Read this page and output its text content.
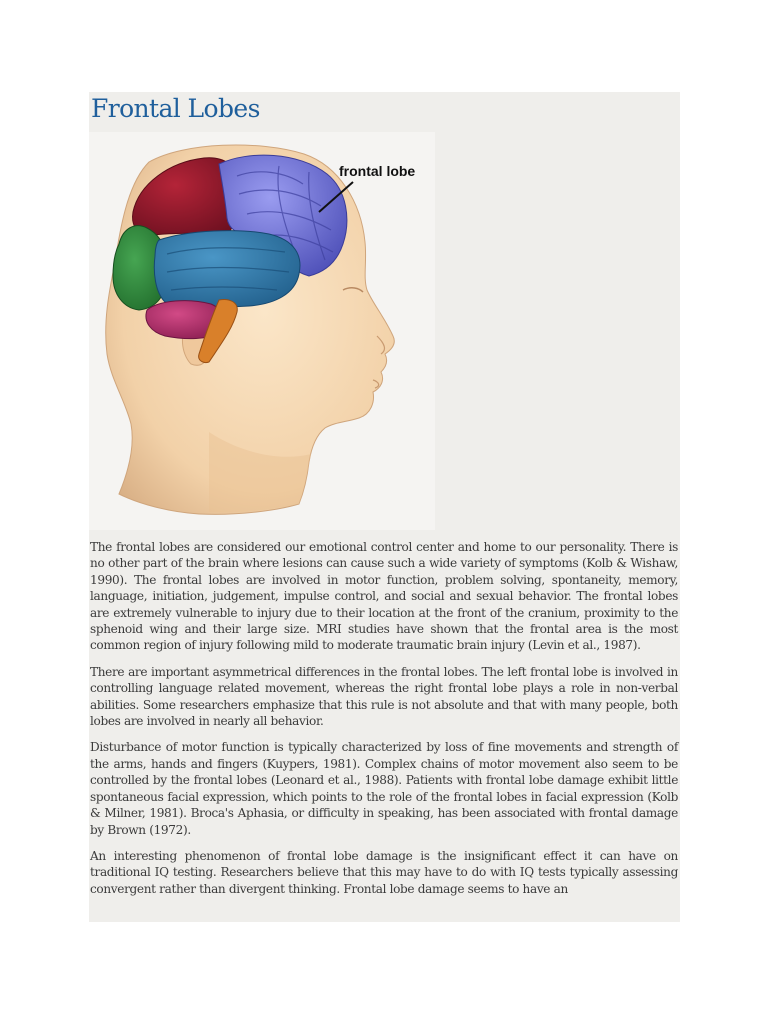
Frontal Lobes
frontal lobe

The frontal lobes are considered our emotional control center and home to our personality. There is no other part of the brain where lesions can cause such a wide variety of symptoms (Kolb & Wishaw, 1990). The frontal lobes are involved in motor function, problem solving, spontaneity, memory, language, initiation, judgement, impulse control, and social and sexual behavior. The frontal lobes are extremely vulnerable to injury due to their location at the front of the cranium, proximity to the sphenoid wing and their large size. MRI studies have shown that the frontal area is the most common region of injury following mild to moderate traumatic brain injury (Levin et al., 1987).

There are important asymmetrical differences in the frontal lobes. The left frontal lobe is involved in controlling language related movement, whereas the right frontal lobe plays a role in non-verbal abilities. Some researchers emphasize that this rule is not absolute and that with many people, both lobes are involved in nearly all behavior.

Disturbance of motor function is typically characterized by loss of fine movements and strength of the arms, hands and fingers (Kuypers, 1981). Complex chains of motor movement also seem to be controlled by the frontal lobes (Leonard et al., 1988). Patients with frontal lobe damage exhibit little spontaneous facial expression, which points to the role of the frontal lobes in facial expression (Kolb & Milner, 1981). Broca's Aphasia, or difficulty in speaking, has been associated with frontal damage by Brown (1972).

An interesting phenomenon of frontal lobe damage is the insignificant effect it can have on traditional IQ testing. Researchers believe that this may have to do with IQ tests typically assessing convergent rather than divergent thinking. Frontal lobe damage seems to have an
